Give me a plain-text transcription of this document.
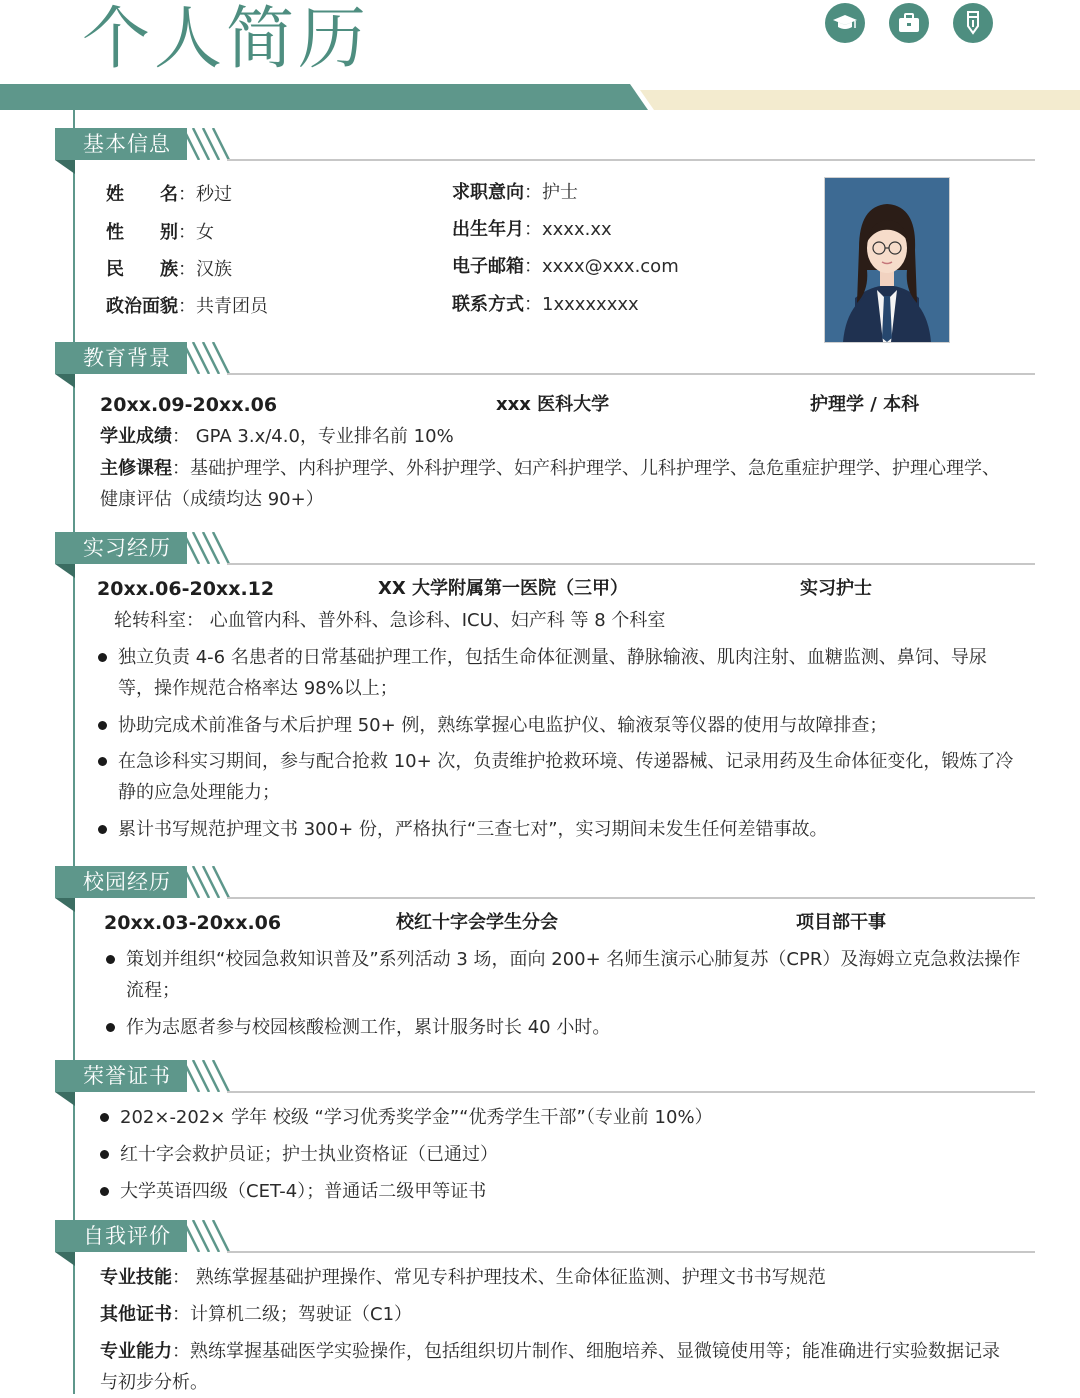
个人简历
基本信息
姓　　名 ：秒过
性　　别 ：女
民　　族 ：汉族
政治面貌 ：共青团员
求职意向 ：护士
出生年月 ：xxxx.xx
电子邮箱 ：xxxx@xxx.com
联系方式 ：1xxxxxxxx
教育背景
20xx.09-20xx.06	xxx 医科大学	护理学 / 本科
学业成绩： GPA 3.x/4.0，专业排名前 10%
主修课程：基础护理学、内科护理学、外科护理学、妇产科护理学、儿科护理学、急危重症护理学、护理心理学、健康评估（成绩均达 90+）
实习经历
20xx.06-20xx.12	XX 大学附属第一医院（三甲）	实习护士
轮转科室： 心血管内科、普外科、急诊科、ICU、妇产科 等 8 个科室
独立负责 4-6 名患者的日常基础护理工作，包括生命体征测量、静脉输液、肌肉注射、血糖监测、鼻饲、导尿等，操作规范合格率达 98%以上；
协助完成术前准备与术后护理 50+ 例，熟练掌握心电监护仪、输液泵等仪器的使用与故障排查；
在急诊科实习期间，参与配合抢救 10+ 次，负责维护抢救环境、传递器械、记录用药及生命体征变化，锻炼了冷静的应急处理能力；
累计书写规范护理文书 300+ 份，严格执行“三查七对”，实习期间未发生任何差错事故。
校园经历
20xx.03-20xx.06	校红十字会学生分会	项目部干事
策划并组织“校园急救知识普及”系列活动 3 场，面向 200+ 名师生演示心肺复苏（CPR）及海姆立克急救法操作流程；
作为志愿者参与校园核酸检测工作，累计服务时长 40 小时。
荣誉证书
202×-202× 学年 校级 “学习优秀奖学金”“优秀学生干部”（专业前 10%）
红十字会救护员证；护士执业资格证（已通过）
大学英语四级（CET-4）；普通话二级甲等证书
自我评价
专业技能： 熟练掌握基础护理操作、常见专科护理技术、生命体征监测、护理文书书写规范
其他证书：计算机二级；驾驶证（C1）
专业能力：熟练掌握基础医学实验操作，包括组织切片制作、细胞培养、显微镜使用等；能准确进行实验数据记录与初步分析。
